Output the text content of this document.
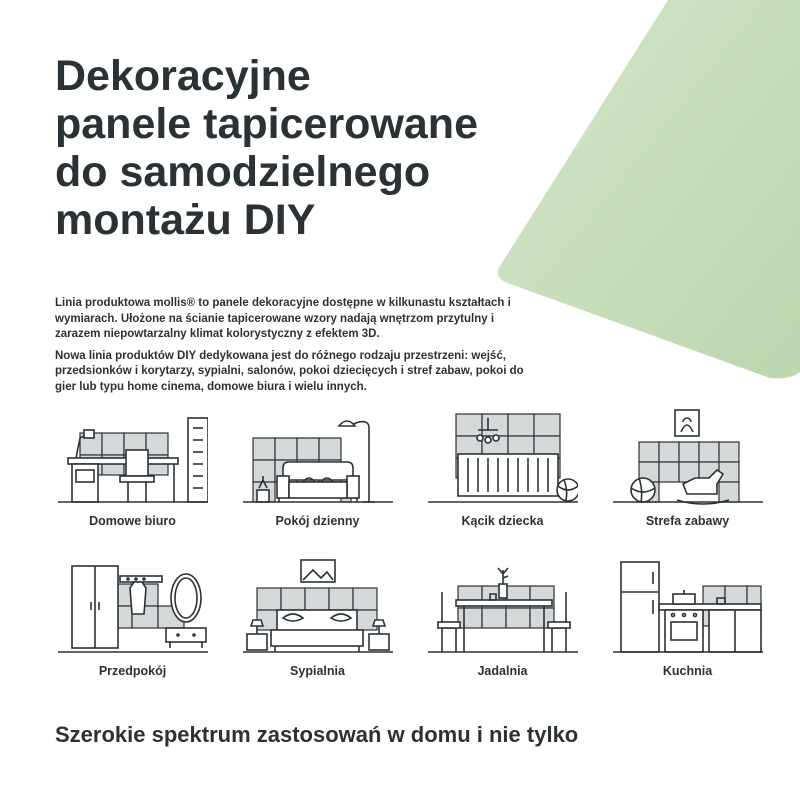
Dekoracyjne
panele tapicerowane
do samodzielnego
montażu DIY

Linia produktowa mollis® to panele dekoracyjne dostępne w kilkunastu kształtach i wymiarach. Ułożone na ścianie tapicerowane wzory nadają wnętrzom przytulny i zarazem niepowtarzalny klimat kolorystyczny z efektem 3D.

Nowa linia produktów DIY dedykowana jest do różnego rodzaju przestrzeni: wejść, przedsionków i korytarzy, sypialni, salonów, pokoi dziecięcych i stref zabaw, pokoi do gier lub typu home cinema, domowe biura i wielu innych.

Domowe biuro	Pokój dzienny	Kącik dziecka	Strefa zabawy
Przedpokój	Sypialnia	Jadalnia	Kuchnia
Szerokie spektrum zastosowań w domu i nie tylko
